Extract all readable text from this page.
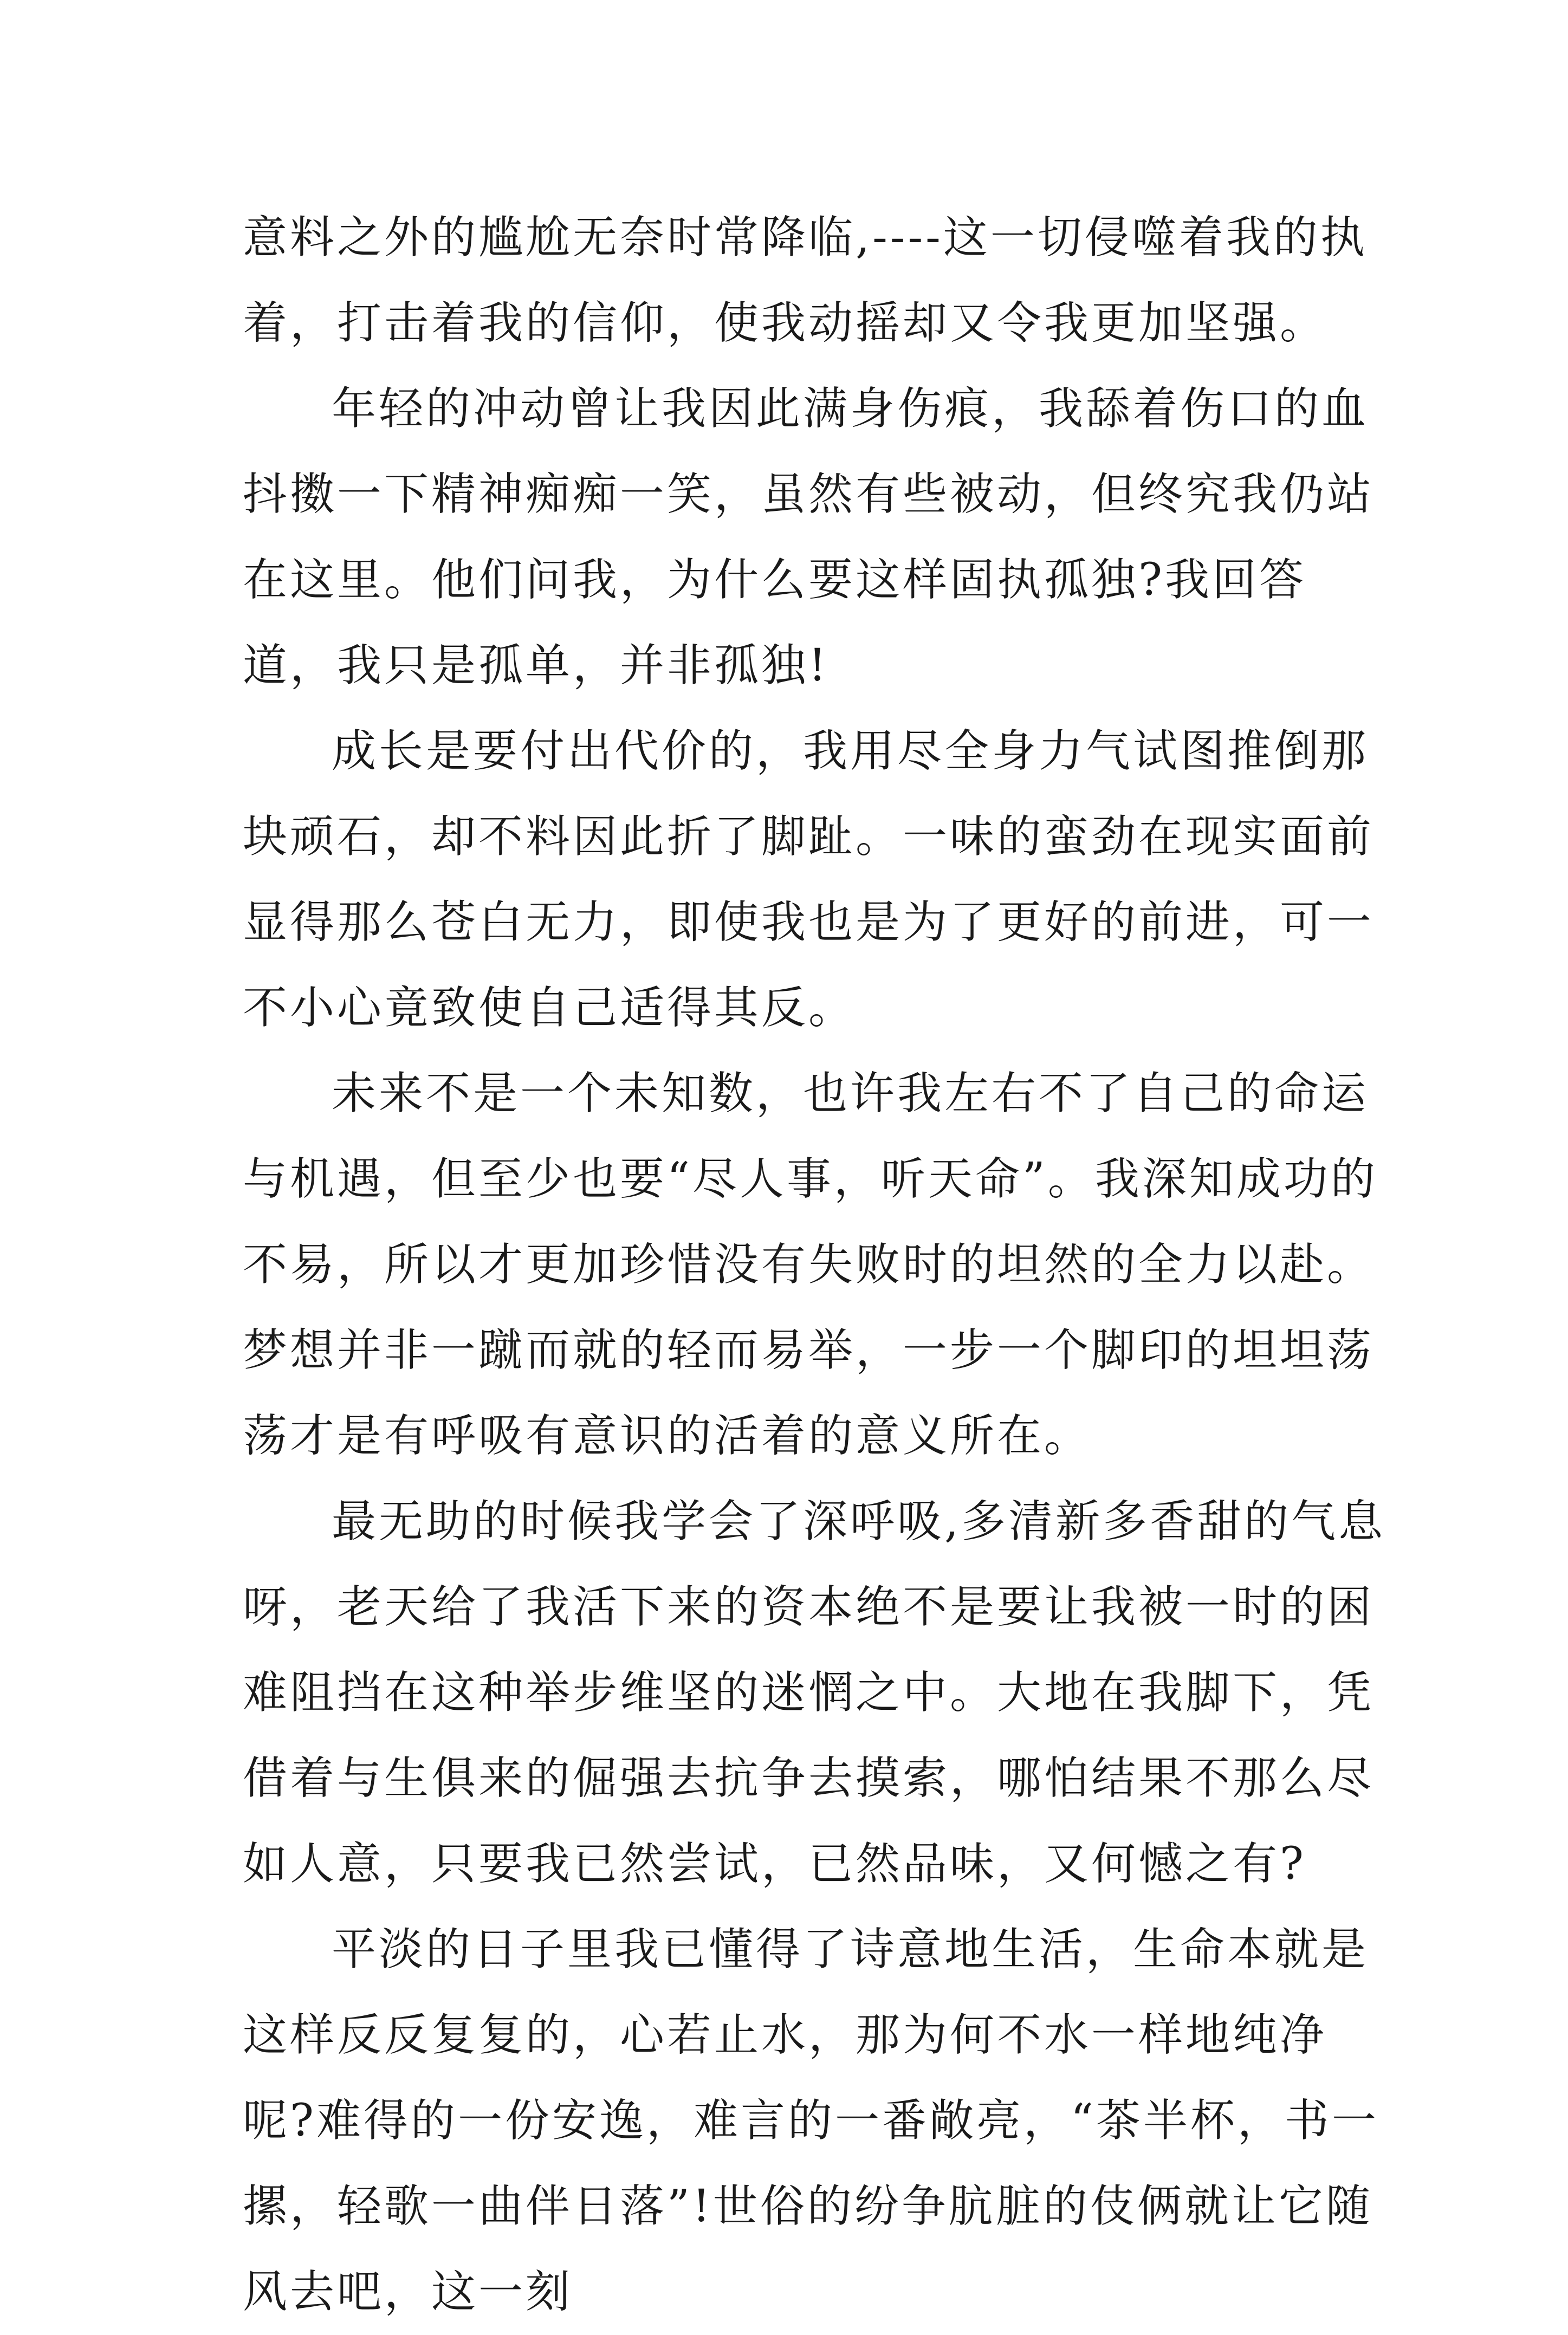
意料之外的尴尬无奈时常降临,----这一切侵噬着我的执着，打击着我的信仰，使我动摇却又令我更加坚强。

年轻的冲动曾让我因此满身伤痕，我舔着伤口的血抖擞一下精神痴痴一笑，虽然有些被动，但终究我仍站在这里。他们问我，为什么要这样固执孤独?我回答道，我只是孤单，并非孤独!

成长是要付出代价的，我用尽全身力气试图推倒那块顽石，却不料因此折了脚趾。一味的蛮劲在现实面前显得那么苍白无力，即使我也是为了更好的前进，可一不小心竟致使自己适得其反。

未来不是一个未知数，也许我左右不了自己的命运与机遇，但至少也要“尽人事，听天命”。我深知成功的不易，所以才更加珍惜没有失败时的坦然的全力以赴。梦想并非一蹴而就的轻而易举，一步一个脚印的坦坦荡荡才是有呼吸有意识的活着的意义所在。

最无助的时候我学会了深呼吸,多清新多香甜的气息呀，老天给了我活下来的资本绝不是要让我被一时的困难阻挡在这种举步维坚的迷惘之中。大地在我脚下，凭借着与生俱来的倔强去抗争去摸索，哪怕结果不那么尽如人意，只要我已然尝试，已然品味，又何憾之有?

平淡的日子里我已懂得了诗意地生活，生命本就是这样反反复复的，心若止水，那为何不水一样地纯净呢?难得的一份安逸，难言的一番敞亮，“茶半杯，书一摞，轻歌一曲伴日落”!世俗的纷争肮脏的伎俩就让它随风去吧，这一刻
